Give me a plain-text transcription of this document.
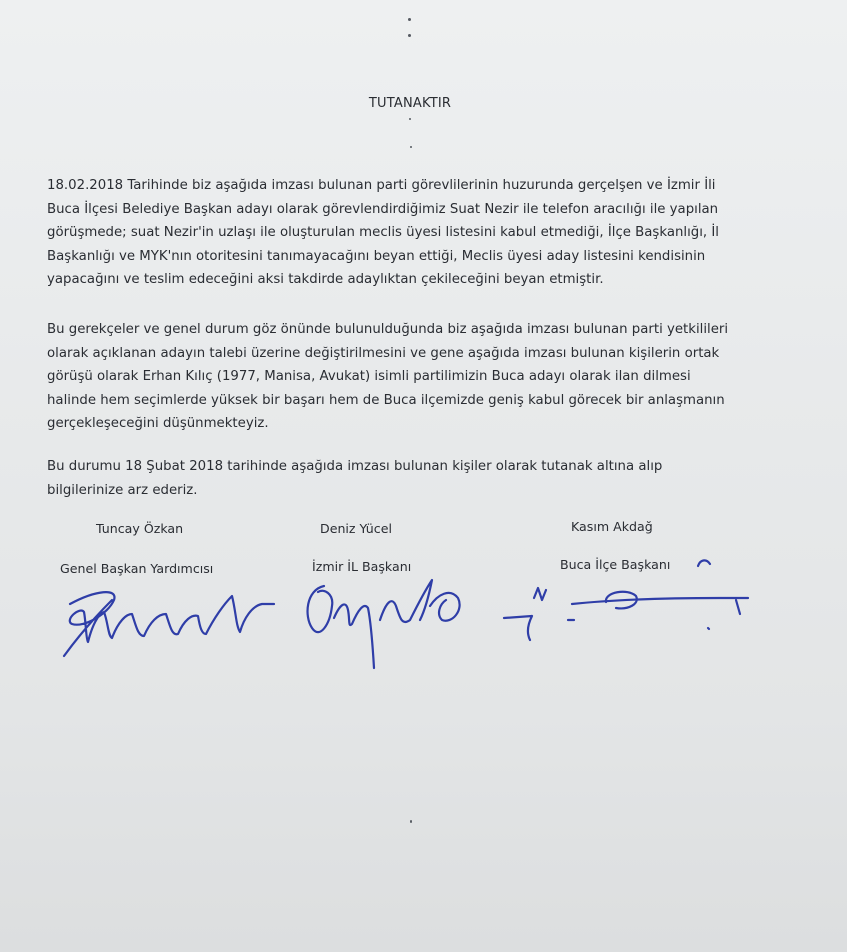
TUTANAKTIR

18.02.2018 Tarihinde biz aşağıda imzası bulunan parti görevlilerinin huzurunda gerçelşen ve İzmir İli
Buca İlçesi Belediye Başkan adayı olarak görevlendirdiğimiz Suat Nezir ile telefon aracılığı ile yapılan
görüşmede; suat Nezir'in uzlaşı ile oluşturulan meclis üyesi listesini kabul etmediği, İlçe Başkanlığı, İl
Başkanlığı ve MYK'nın otoritesini tanımayacağını beyan ettiği, Meclis üyesi aday listesini kendisinin
yapacağını ve teslim edeceğini aksi takdirde adaylıktan çekileceğini beyan etmiştir.

Bu gerekçeler ve genel durum göz önünde bulunulduğunda biz aşağıda imzası bulunan parti yetkilileri
olarak açıklanan adayın talebi üzerine değiştirilmesini ve gene aşağıda imzası bulunan kişilerin ortak
görüşü olarak Erhan Kılıç (1977, Manisa, Avukat) isimli partilimizin Buca adayı olarak ilan dilmesi
halinde hem seçimlerde yüksek bir başarı hem de Buca ilçemizde geniş kabul görecek bir anlaşmanın
gerçekleşeceğini düşünmekteyiz.

Bu durumu 18 Şubat 2018 tarihinde aşağıda imzası bulunan kişiler olarak tutanak altına alıp
bilgilerinize arz ederiz.

Tuncay Özkan	Deniz Yücel	Kasım Akdağ
Genel Başkan Yardımcısı	İzmir İL Başkanı	Buca İlçe Başkanı
